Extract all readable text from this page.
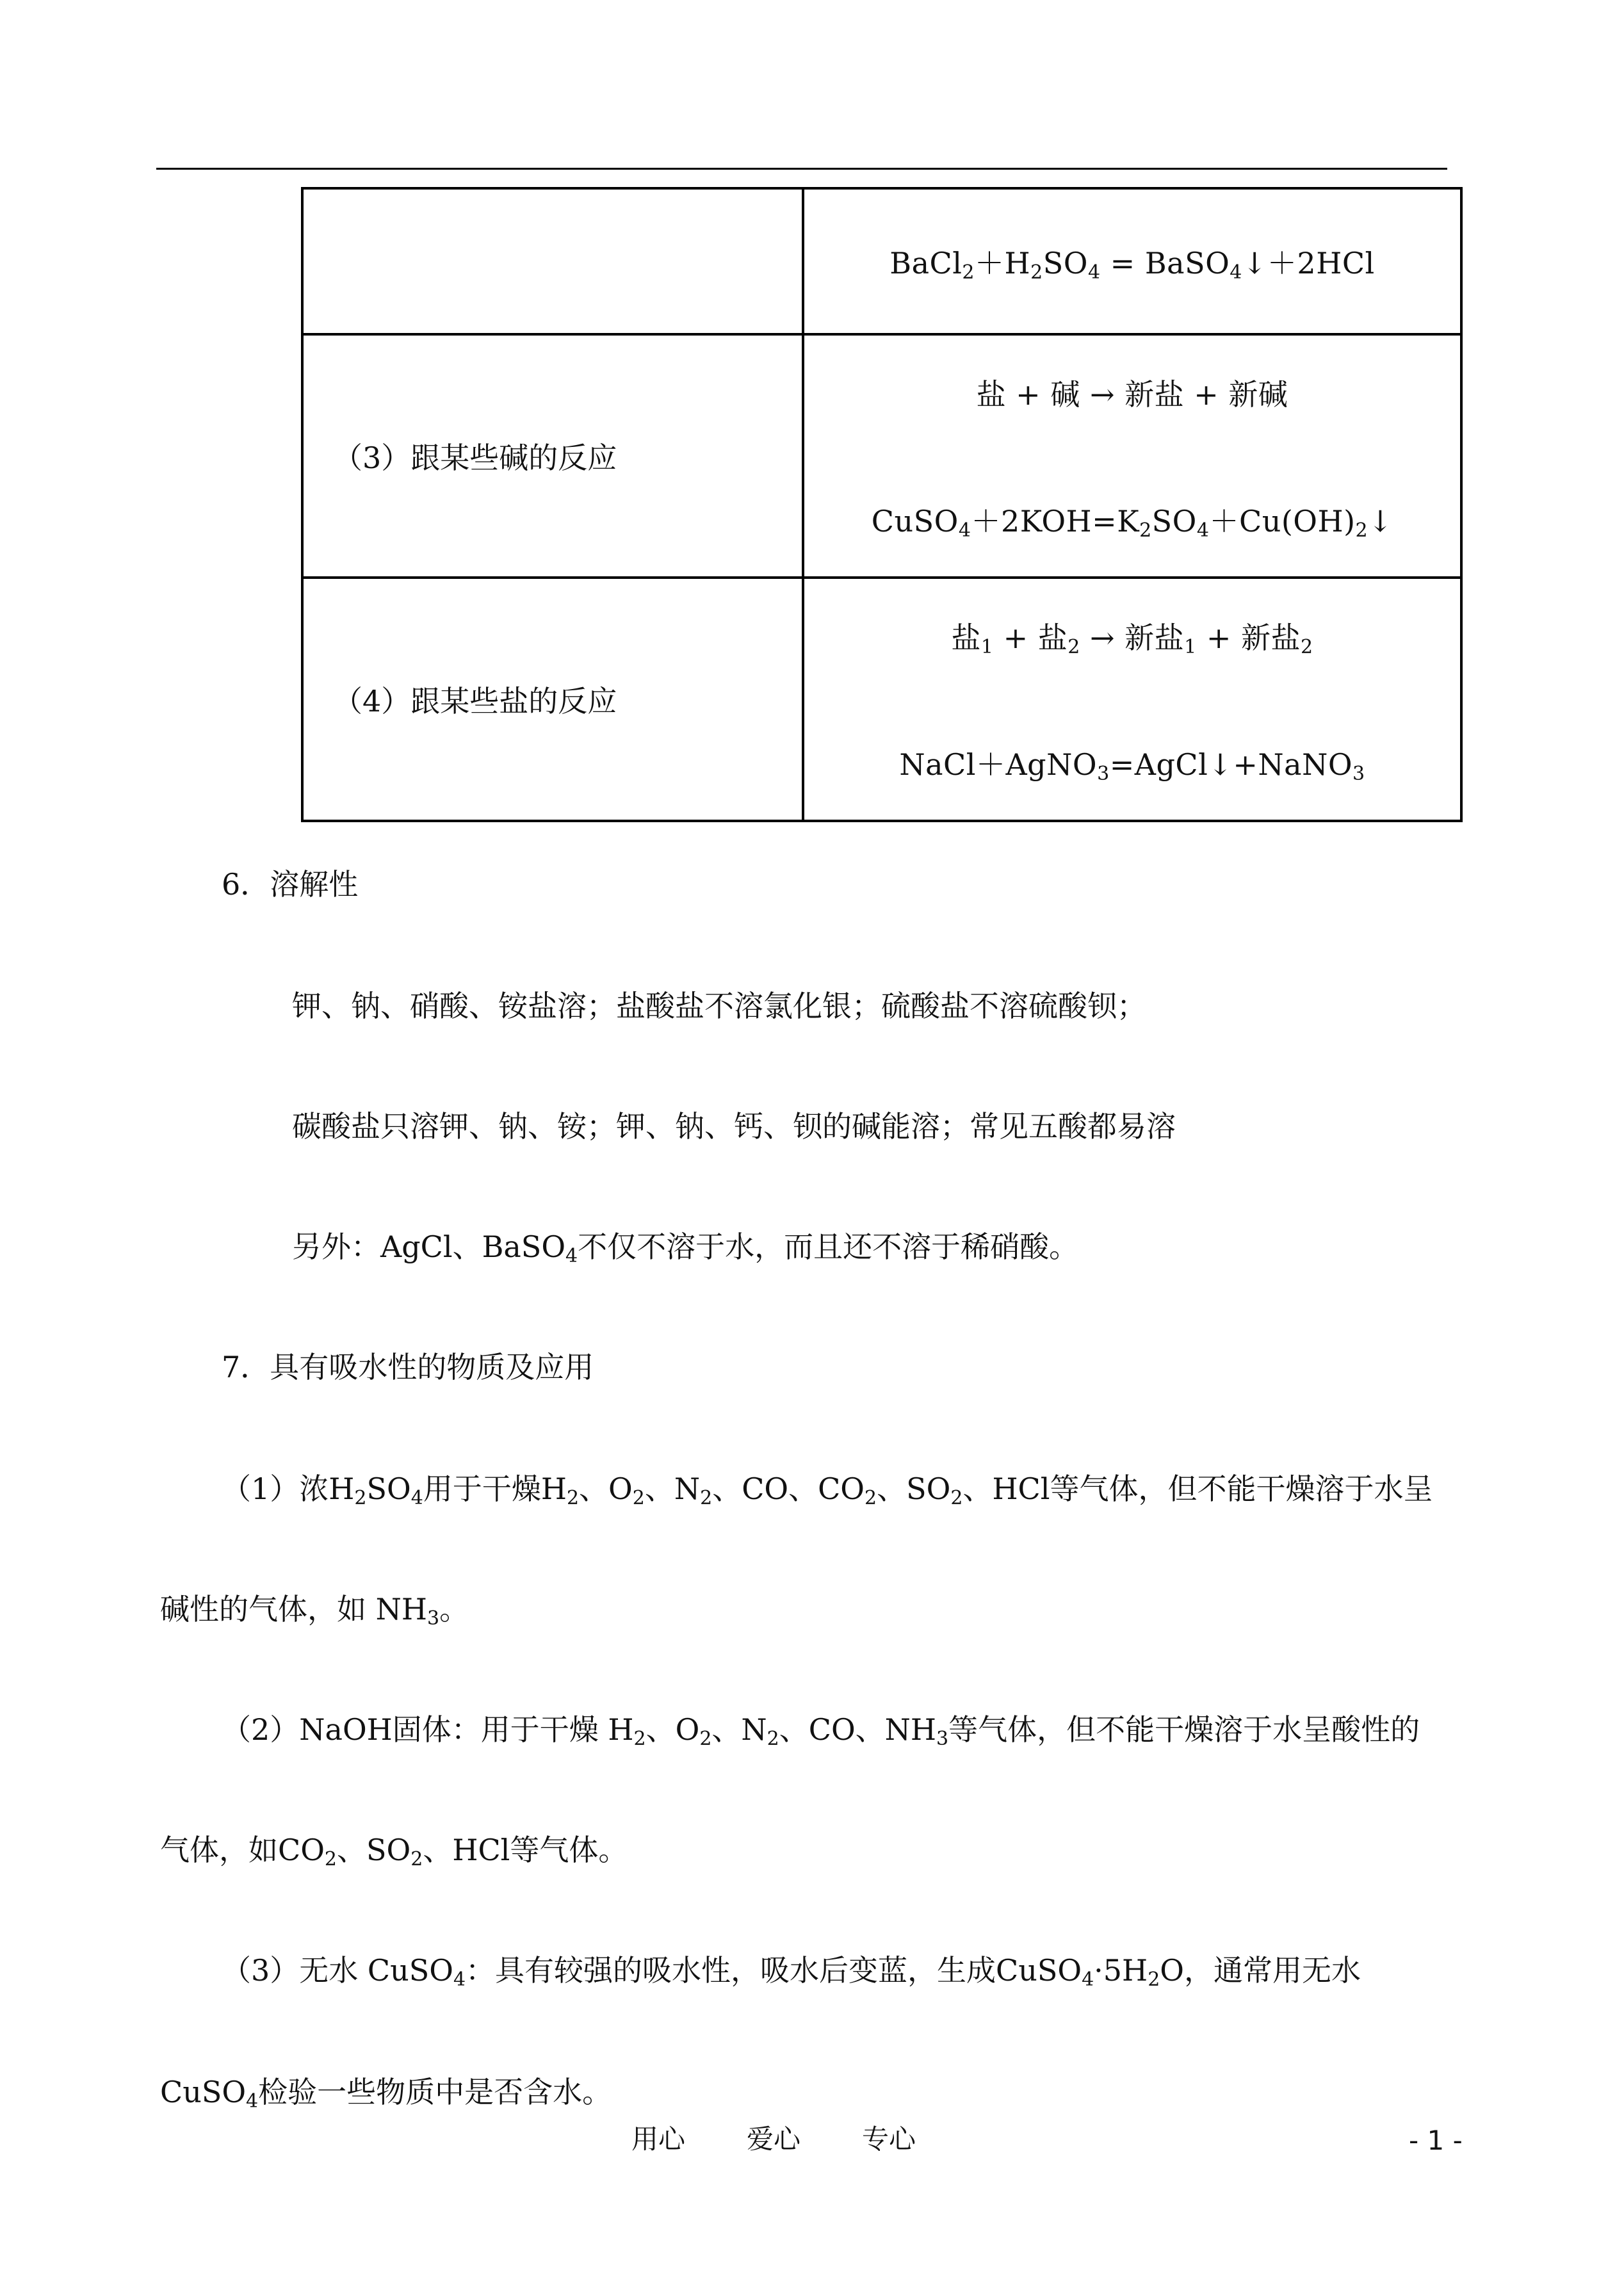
	$BaCl_2+H_2SO_4$ = BaSO$_4$↓＋2HCl

（3）跟某些碱的反应	盐 + 碱 → 新盐 + 新碱
$CuSO_4+2KOH=K_2SO_4+Cu(OH)_2↓$

（4）跟某些盐的反应	盐$_1$ + 盐$_2$ → 新盐$_1$ + 新盐$_2$
NaCl＋AgNO$_3$=AgCl↓+NaNO$_3$
6．溶解性
钾、钠、硝酸、铵盐溶；盐酸盐不溶氯化银；硫酸盐不溶硫酸钡；
碳酸盐只溶钾、钠、铵；钾、钠、钙、钡的碱能溶；常见五酸都易溶
另外：AgCl、BaSO$_4$不仅不溶于水，而且还不溶于稀硝酸。
7．具有吸水性的物质及应用
（1）浓$H_2SO_4$用于干燥$H_2$、$O_2$、$N_2$、CO、$CO_2$、$SO_2$、HCl等气体，但不能干燥溶于水呈
碱性的气体，如 $NH_3$。
（2）NaOH固体：用于干燥 $H_2$、$O_2$、$N_2$、CO、$NH_3$等气体，但不能干燥溶于水呈酸性的
气体，如$CO_2$、$SO_2$、HCl等气体。
（3）无水 CuSO$_4$：具有较强的吸水性，吸水后变蓝，生成$CuSO_4\cdot 5H_2O$，通常用无水
CuSO$_4$检验一些物质中是否含水。
用心 爱心 专心	- 1 -
